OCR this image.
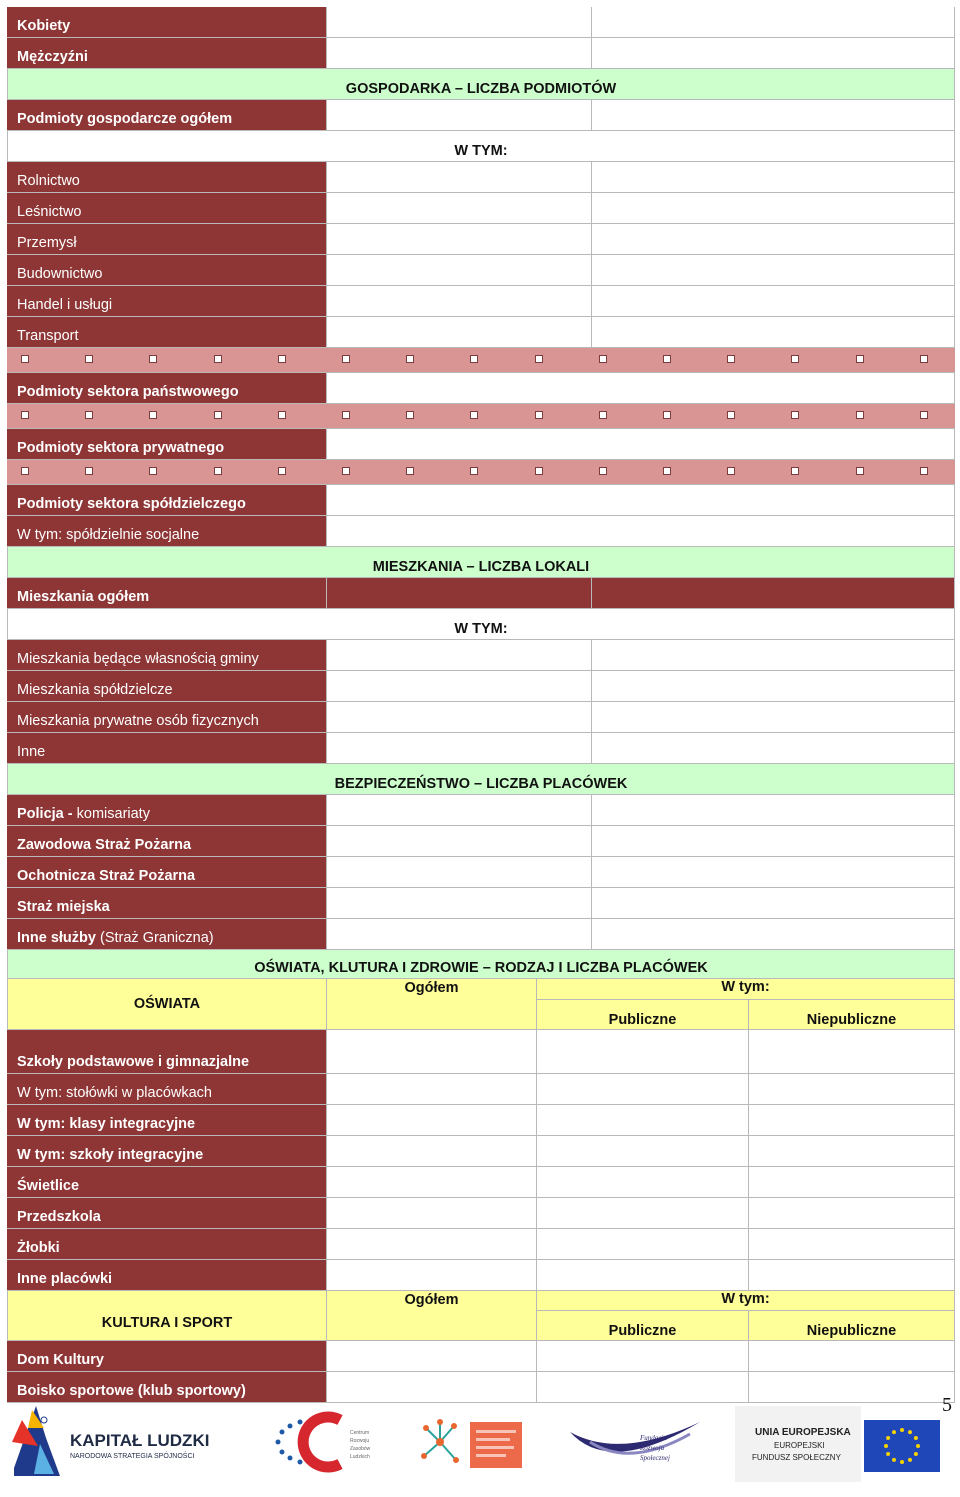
Kobiety
Mężczyźni
GOSPODARKA – LICZBA PODMIOTÓW
Podmioty gospodarcze ogółem
W TYM:
Rolnictwo
Leśnictwo
Przemysł
Budownictwo
Handel i usługi
Transport
Podmioty sektora państwowego
Podmioty sektora prywatnego
Podmioty sektora spółdzielczego
W tym: spółdzielnie socjalne
MIESZKANIA – LICZBA LOKALI
Mieszkania ogółem
W TYM:
Mieszkania będące własnością gminy
Mieszkania spółdzielcze
Mieszkania prywatne osób fizycznych
Inne
BEZPIECZEŃSTWO – LICZBA PLACÓWEK
Policja - komisariaty
Zawodowa Straż Pożarna
Ochotnicza Straż Pożarna
Straż miejska
Inne służby (Straż Graniczna)
OŚWIATA, KLUTURA I ZDROWIE – RODZAJ I LICZBA PLACÓWEK
OŚWIATA
Ogółem	W tym:
Publiczne	Niepubliczne
Szkoły podstawowe i gimnazjalne
W tym: stołówki w placówkach
W tym: klasy integracyjne
W tym: szkoły integracyjne
Świetlice
Przedszkola
Żłobki
Inne placówki
KULTURA I SPORT
Ogółem	W tym:
Publiczne	Niepubliczne
Dom Kultury
Boisko sportowe (klub sportowy)
5
KAPITAŁ LUDZKI
NARODOWA STRATEGIA SPÓJNOŚCI
Centrum
Rozwoju
Zasobów
Ludzkich
Fundacja
Rozwoju
Społecznej
UNIA EUROPEJSKA
EUROPEJSKI
FUNDUSZ SPOŁECZNY
